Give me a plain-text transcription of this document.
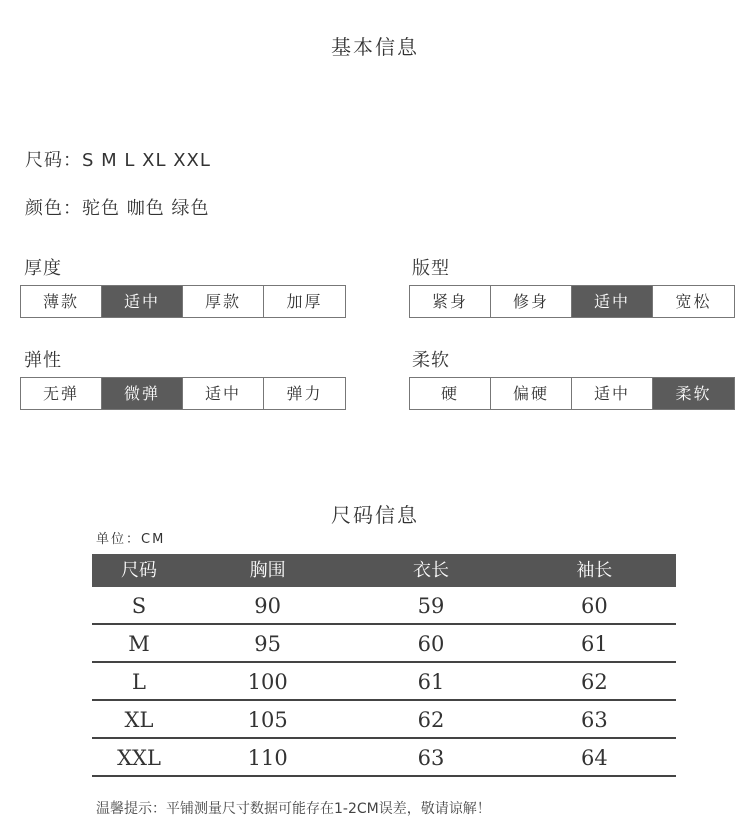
基本信息
尺码：S M L XL XXL
颜色：驼色 咖色 绿色
厚度
薄款	适中	厚款	加厚
版型
紧身	修身	适中	宽松
弹性
无弹	微弹	适中	弹力
柔软
硬	偏硬	适中	柔软
尺码信息
单位：CM
尺码	胸围	衣长	袖长
S	90	59	60
M	95	60	61
L	100	61	62
XL	105	62	63
XXL	110	63	64
温馨提示：平铺测量尺寸数据可能存在1-2CM误差，敬请谅解！
